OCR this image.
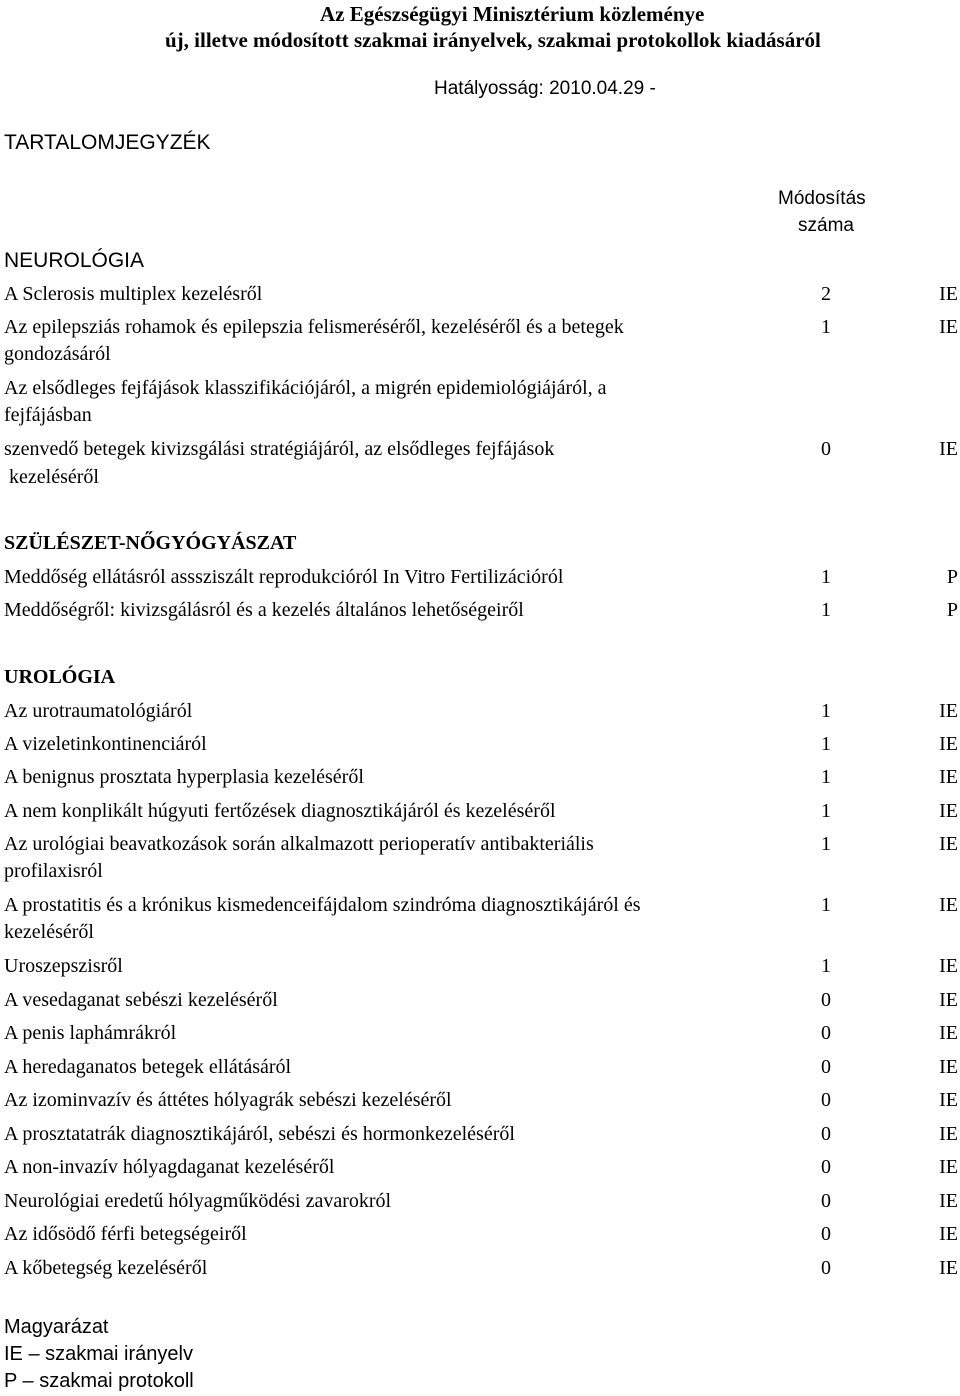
Az Egészségügyi Minisztérium közleménye
új, illetve módosított szakmai irányelvek, szakmai protokollok kiadásáról
Hatályosság: 2010.04.29 -
TARTALOMJEGYZÉK
Módosítás
száma
NEUROLÓGIA
A Sclerosis multiplex kezelésről	2	IE
Az epilepsziás rohamok és epilepszia felismeréséről, kezeléséről és a betegek
gondozásáról
1	IE
Az elsődleges fejfájások klasszifikációjáról, a migrén epidemiológiájáról, a
fejfájásban
szenvedő betegek kivizsgálási stratégiájáról, az elsődleges fejfájások
kezeléséről
0	IE
SZÜLÉSZET-NŐGYÓGYÁSZAT
Meddőség ellátásról asssziszált reprodukcióról In Vitro Fertilizációról	1	P
Meddőségről: kivizsgálásról és a kezelés általános lehetőségeiről	1	P
UROLÓGIA
Az urotraumatológiáról	1	IE
A vizeletinkontinenciáról	1	IE
A benignus prosztata hyperplasia kezeléséről	1	IE
A nem konplikált húgyuti fertőzések diagnosztikájáról és kezeléséről	1	IE
Az urológiai beavatkozások során alkalmazott perioperatív antibakteriális
profilaxisról
1	IE
A prostatitis és a krónikus kismedenceifájdalom szindróma diagnosztikájáról és
kezeléséről
1	IE
Uroszepszisről	1	IE
A vesedaganat sebészi kezeléséről	0	IE
A penis laphámrákról	0	IE
A heredaganatos betegek ellátásáról	0	IE
Az izominvazív és áttétes hólyagrák sebészi kezeléséről	0	IE
A prosztatatrák diagnosztikájáról, sebészi és hormonkezeléséről	0	IE
A non-invazív hólyagdaganat kezeléséről	0	IE
Neurológiai eredetű hólyagműködési zavarokról	0	IE
Az idősödő férfi betegségeiről	0	IE
A kőbetegség kezeléséről	0	IE
Magyarázat
IE – szakmai irányelv
P – szakmai protokoll
